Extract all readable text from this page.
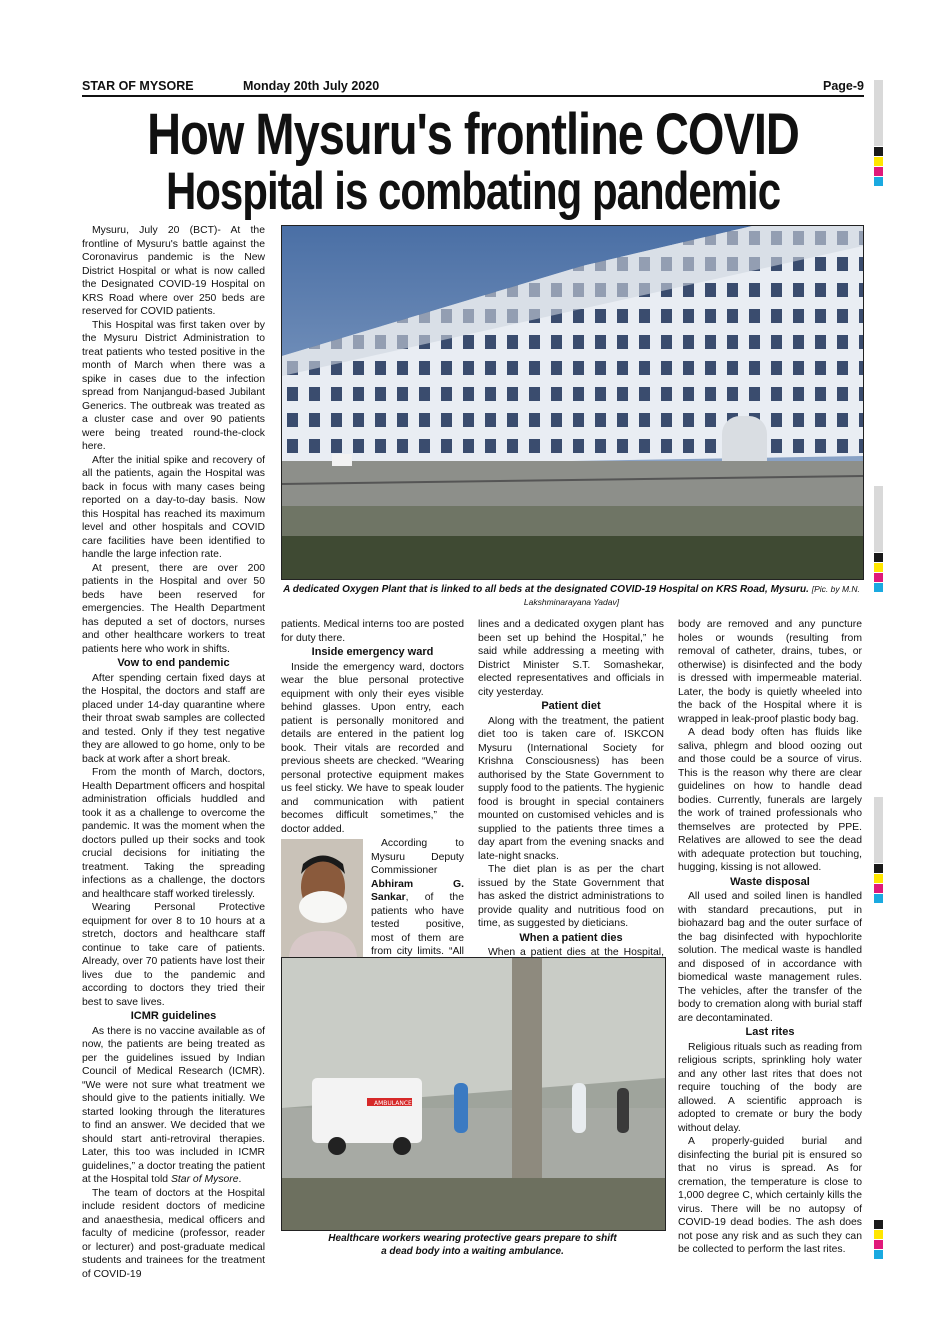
STAR OF MYSORE	Monday 20th July 2020	Page-9
How Mysuru's frontline COVID
Hospital is combating pandemic
A dedicated Oxygen Plant that is linked to all beds at the designated COVID-19 Hospital on KRS Road, Mysuru. [Pic. by M.N. Lakshminarayana Yadav]

Mysuru, July 20 (BCT)- At the frontline of Mysuru's battle against the Coronavirus pandemic is the New District Hospital or what is now called the Designated COVID-19 Hospital on KRS Road where over 250 beds are reserved for COVID patients.

This Hospital was first taken over by the Mysuru District Administration to treat patients who tested positive in the month of March when there was a spike in cases due to the infection spread from Nanjangud-based Jubilant Generics. The outbreak was treated as a cluster case and over 90 patients were being treated round-the-clock here.

After the initial spike and recovery of all the patients, again the Hospital was back in focus with many cases being reported on a day-to-day basis. Now this Hospital has reached its maximum level and other hospitals and COVID care facilities have been identified to handle the large infection rate.

At present, there are over 200 patients in the Hospital and over 50 beds have been reserved for emergencies. The Health Department has deputed a set of doctors, nurses and other healthcare workers to treat patients here who work in shifts.

Vow to end pandemic

After spending certain fixed days at the Hospital, the doctors and staff are placed under 14-day quarantine where their throat swab samples are collected and tested. Only if they test negative they are allowed to go home, only to be back at work after a short break.

From the month of March, doctors, Health Department officers and hospital administration officials huddled and took it as a challenge to overcome the pandemic. It was the moment when the doctors pulled up their socks and took crucial decisions for initiating the treatment. Taking the spreading infections as a challenge, the doctors and healthcare staff worked tirelessly.

Wearing Personal Protective equipment for over 8 to 10 hours at a stretch, doctors and healthcare staff continue to take care of patients. Already, over 70 patients have lost their lives due to the pandemic and according to doctors they tried their best to save lives.

ICMR guidelines

As there is no vaccine available as of now, the patients are being treated as per the guidelines issued by Indian Council of Medical Research (ICMR). “We were not sure what treatment we should give to the patients initially. We started looking through the literatures to find an answer. We decided that we should start anti-retroviral therapies. Later, this too was included in ICMR guidelines,” a doctor treating the patient at the Hospital told Star of Mysore.

The team of doctors at the Hospital include resident doctors of medicine and anaesthesia, medical officers and faculty of medicine (professor, reader or lecturer) and post-graduate medical students and trainees for the treatment of COVID-19

patients. Medical interns too are posted for duty there.

Inside emergency ward

Inside the emergency ward, doctors wear the blue personal protective equipment with only their eyes visible behind glasses. Upon entry, each patient is personally monitored and details are entered in the patient log book. Their vitals are recorded and previous sheets are checked. “Wearing personal protective equipment makes us feel sticky. We have to speak louder and communication with patient becomes difficult sometimes,” the doctor added.

According to Mysuru Deputy Commissioner Abhiram G. Sankar, of the patients who have tested positive, most of them are from city limits. “All

lines and a dedicated oxygen plant has been set up behind the Hospital,” he said while addressing a meeting with District Minister S.T. Somashekar, elected representatives and officials in city yesterday.

Patient diet

Along with the treatment, the patient diet too is taken care of. ISKCON Mysuru (International Society for Krishna Consciousness) has been authorised by the State Government to supply food to the patients. The hygienic food is brought in special containers mounted on customised vehicles and is supplied to the patients three times a day apart from the evening snacks and late-night snacks.

The diet plan is as per the chart issued by the State Government that has asked the district administrations to provide quality and nutritious food on time, as suggested by dieticians.

When a patient dies

When a patient dies at the Hospital,

AMBULANCE
Healthcare workers wearing protective gears prepare to shift
a dead body into a waiting ambulance.

body are removed and any puncture holes or wounds (resulting from removal of catheter, drains, tubes, or otherwise) is disinfected and the body is dressed with impermeable material. Later, the body is quietly wheeled into the back of the Hospital where it is wrapped in leak-proof plastic body bag.

A dead body often has fluids like saliva, phlegm and blood oozing out and those could be a source of virus. This is the reason why there are clear guidelines on how to handle dead bodies. Currently, funerals are largely the work of trained professionals who themselves are protected by PPE. Relatives are allowed to see the dead with adequate protection but touching, hugging, kissing is not allowed.

Waste disposal

All used and soiled linen is handled with standard precautions, put in biohazard bag and the outer surface of the bag disinfected with hypochlorite solution. The medical waste is handled and disposed of in accordance with biomedical waste management rules. The vehicles, after the transfer of the body to cremation along with burial staff are decontaminated.

Last rites

Religious rituals such as reading from religious scripts, sprinkling holy water and any other last rites that does not require touching of the body are allowed. A scientific approach is adopted to cremate or bury the body without delay.

A properly-guided burial and disinfecting the burial pit is ensured so that no virus is spread. As for cremation, the temperature is close to 1,000 degree C, which certainly kills the virus. There will be no autopsy of COVID-19 dead bodies. The ash does not pose any risk and as such they can be collected to perform the last rites.
